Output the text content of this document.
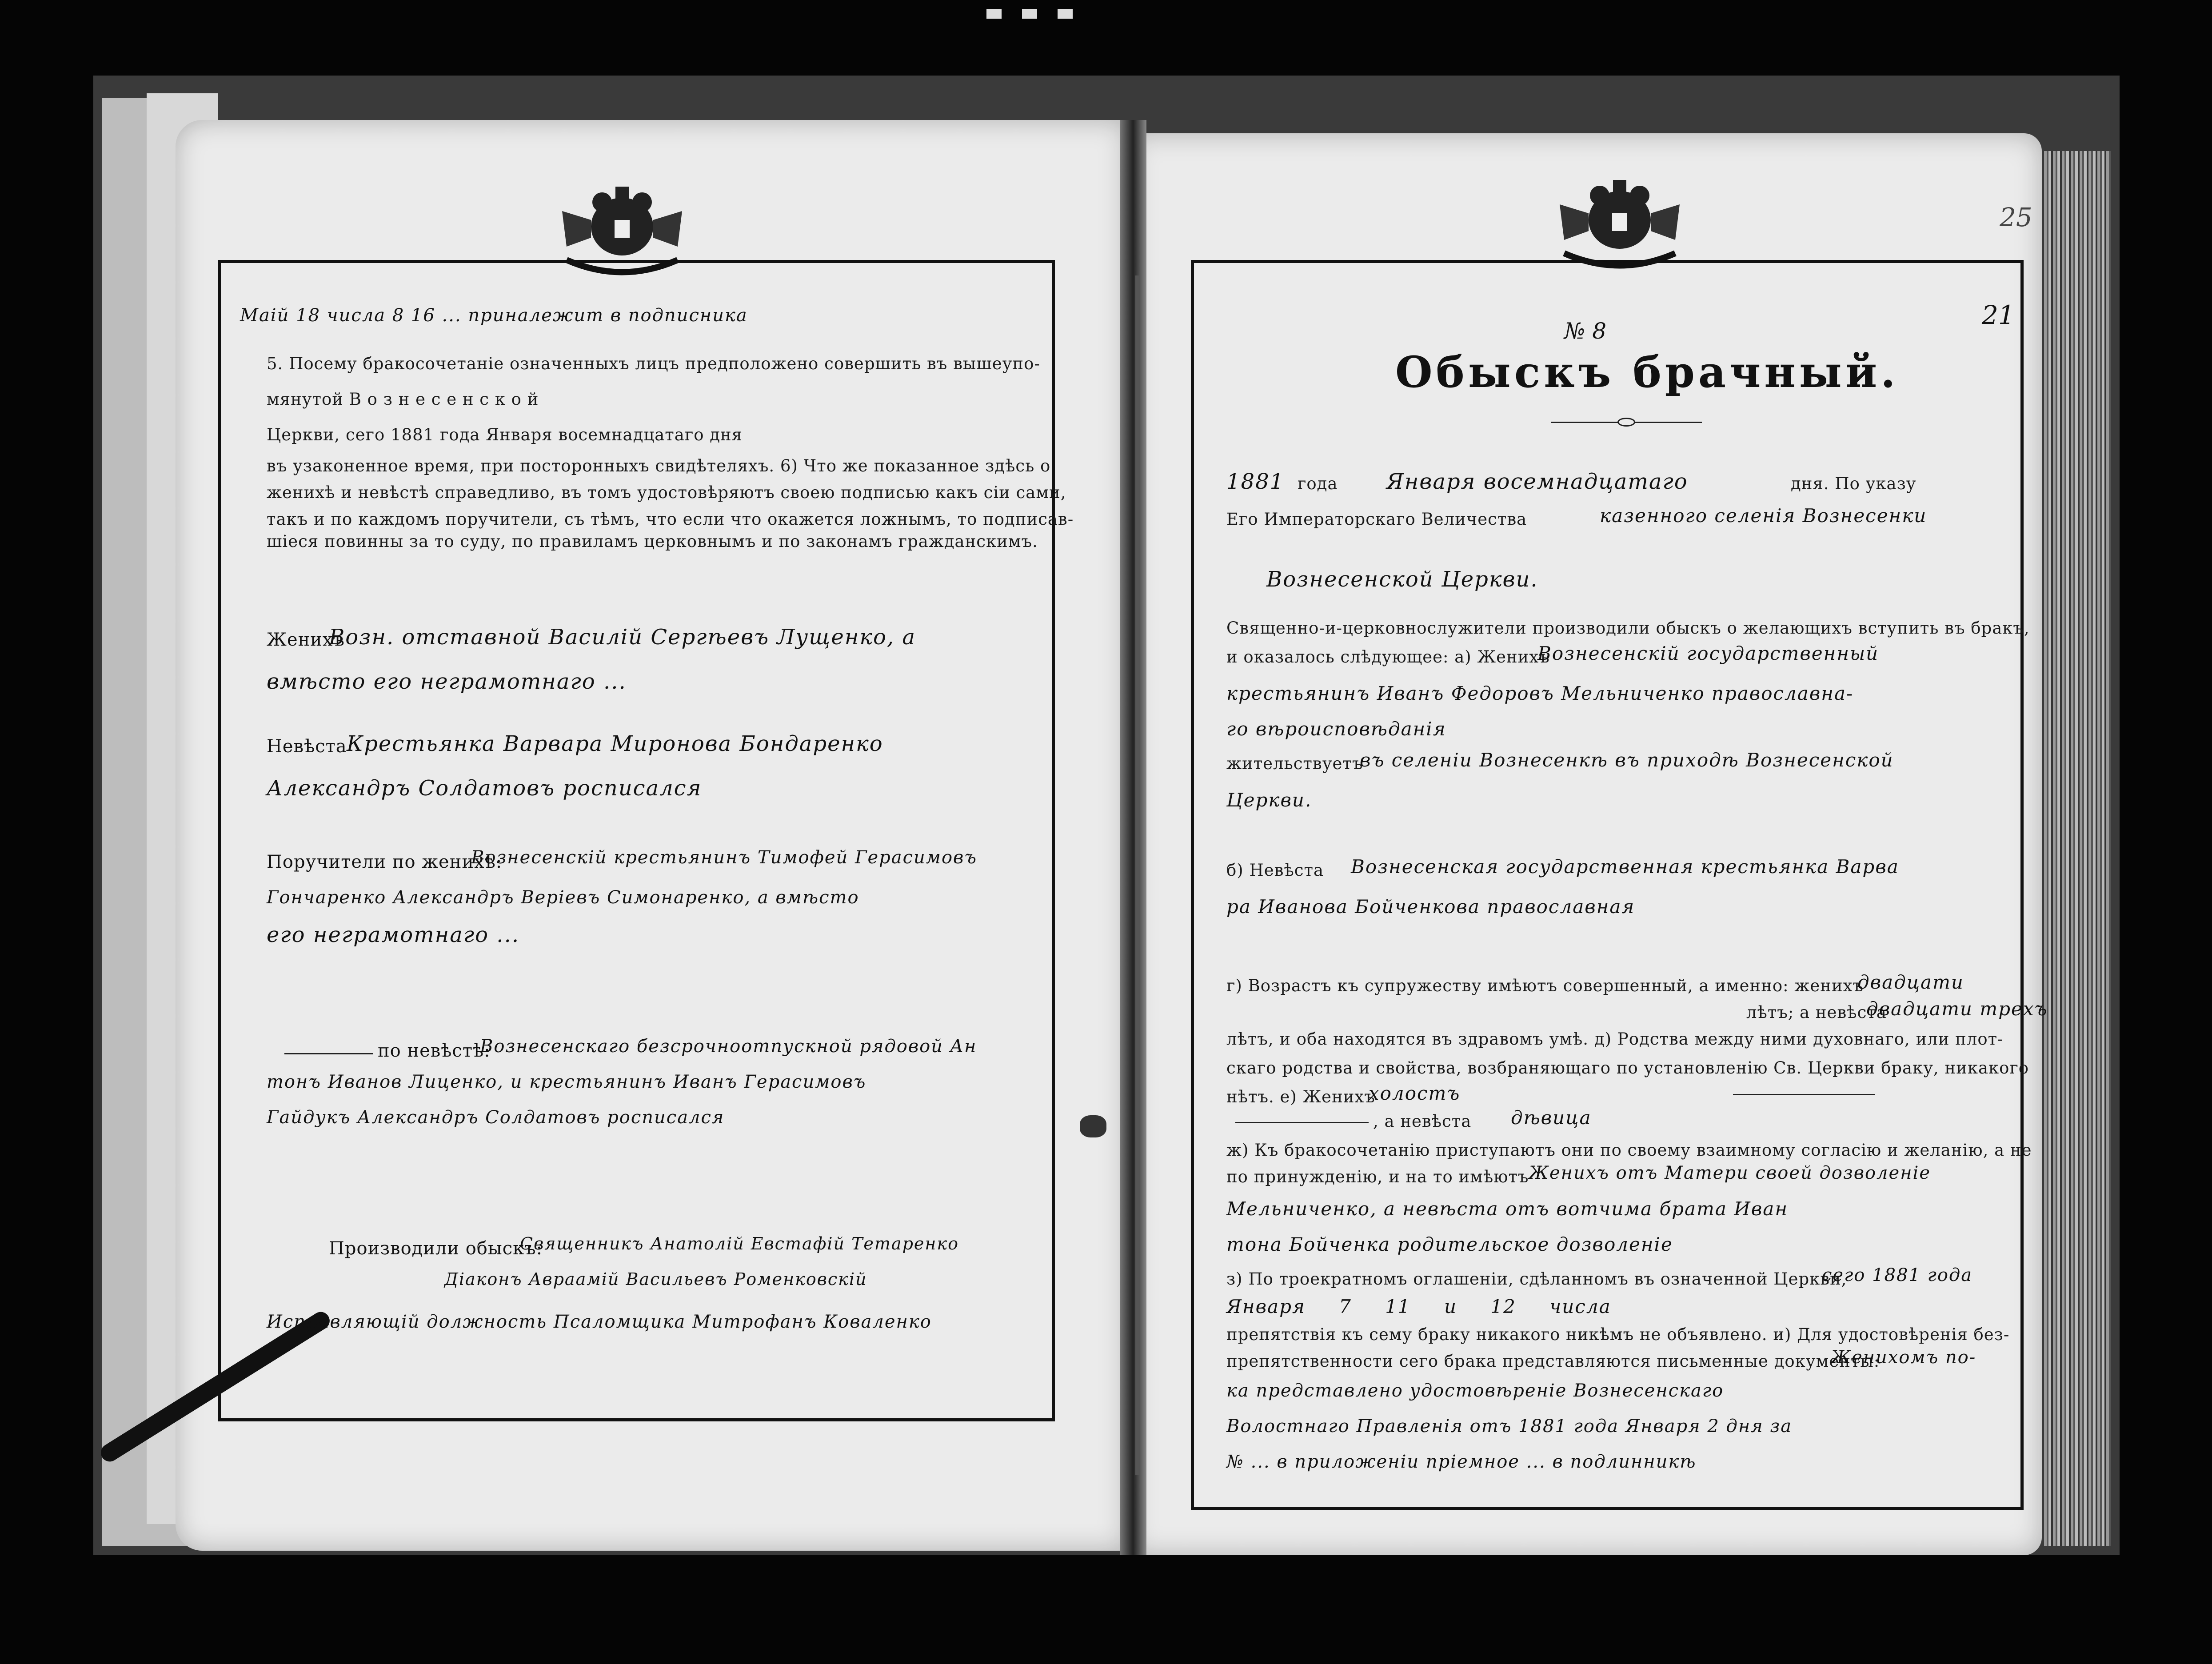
Маій 18 числа 8 16 ... приналежит в подписника
5. Посему бракосочетаніе означенныхъ лицъ предположено совершить въ вышеупо-
мянутой В о з н е с е н с к о й
Церкви, сего 1881 года Января восемнадцатаго дня
въ узаконенное время, при посторонныхъ свидѣтеляхъ. 6) Что же показанное здѣсь о
женихѣ и невѣстѣ справедливо, въ томъ удостовѣряютъ своею подписью какъ сіи сами,
такъ и по каждомъ поручители, съ тѣмъ, что если что окажется ложнымъ, то подписав-
шіеся повинны за то суду, по правиламъ церковнымъ и по законамъ гражданскимъ.
Женихъ
Возн. отставной Василій Сергѣевъ Лущенко, а
вмѣсто его неграмотнаго ...
Невѣста Крестьянка Варвара Миронова Бондаренко
Александръ Солдатовъ росписался
Поручители по женихѣ:
Вознесенскій крестьянинъ Тимофей Герасимовъ
Гончаренко Александръ Веріевъ Симонаренко, а вмѣсто
его неграмотнаго ...
по невѣстѣ:
Вознесенскаго безсрочноотпускной рядовой Ан
тонъ Иванов Лиценко, и крестьянинъ Иванъ Герасимовъ
Гайдукъ Александръ Солдатовъ росписался
Производили обыскъ:
Священникъ Анатолій Евстафій Тетаренко
Діаконъ Авраамій Васильевъ Роменковскій
Исправляющій должность Псаломщика Митрофанъ Коваленко
25
21
№ 8
Обыскъ брачный.
1881 года Января восемнадцатаго	дня. По указу
Его Императорскаго Величества	казенного селенія Вознесенки
Вознесенской Церкви.
Священно-и-церковнослужители производили обыскъ о желающихъ вступить въ бракъ,
и оказалось слѣдующее: а) Женихъ
Вознесенскій государственный
крестьянинъ Иванъ Федоровъ Мельниченко православна-
го вѣроисповѣданія
жительствуетъ
въ селеніи Вознесенкѣ въ приходѣ Вознесенской
Церкви.
б) Невѣста Вознесенская государственная крестьянка Варва
ра Иванова Бойченкова православная
г) Возрастъ къ супружеству имѣютъ совершенный, а именно: женихъ
двадцати
лѣтъ; а невѣста
двадцати трехъ
лѣтъ, и оба находятся въ здравомъ умѣ. д) Родства между ними духовнаго, или плот-
скаго родства и свойства, возбраняющаго по установленію Св. Церкви браку, никакого
нѣтъ. е) Женихъ
холостъ
, а невѣста дѣвица
ж) Къ бракосочетанію приступаютъ они по своему взаимному согласію и желанію, а не
по принужденію, и на то имѣютъ Женихъ отъ Матери своей дозволеніе
Мельниченко, а невѣста отъ вотчима брата Иван
тона Бойченка родительское дозволеніе
з) По троекратномъ оглашеніи, сдѣланномъ въ означенной Церкви,
сего 1881 года
Января 7 11 и 12 числа
препятствія къ сему браку никакого никѣмъ не объявлено. и) Для удостовѣренія без-
препятственности сего брака представляются письменные документы:
Женихомъ по-
ка представлено удостовѣреніе Вознесенскаго
Волостнаго Правленія отъ 1881 года Января 2 дня за
№ ... в приложеніи пріемное ... в подлинникѣ
